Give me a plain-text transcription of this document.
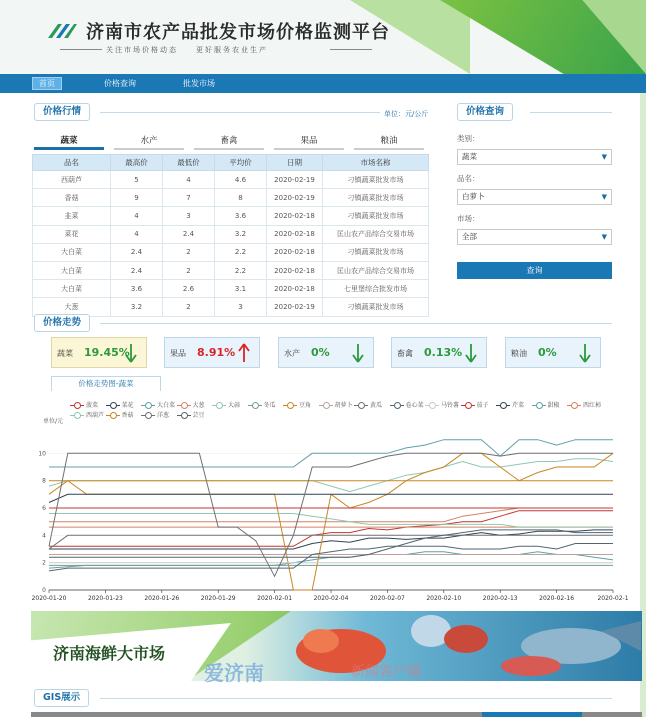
济南市农产品批发市场价格监测平台
关注市场价格动态　　更好服务农业生产
首页	价格查询	批发市场
价格行情	单位：元/公斤
蔬菜	水产	畜禽	果品	粮油
品名	最高价	最低价	平均价	日期	市场名称
西葫芦	5	4	4.6	2020-02-19	刁镇蔬菜批发市场
香菇	9	7	8	2020-02-19	刁镇蔬菜批发市场
韭菜	4	3	3.6	2020-02-18	刁镇蔬菜批发市场
菜花	4	2.4	3.2	2020-02-18	匡山农产品综合交易市场
大白菜	2.4	2	2.2	2020-02-18	刁镇蔬菜批发市场
大白菜	2.4	2	2.2	2020-02-18	匡山农产品综合交易市场
大白菜	3.6	2.6	3.1	2020-02-18	七里堡综合批发市场
大葱	3.2	2	3	2020-02-19	刁镇蔬菜批发市场
价格查询
类别：
蔬菜	▼
品名：
白萝卜	▼
市场：
全部	▼
查询
价格走势
蔬菜 19.45%	果品 8.91%	水产 0%	畜禽 0.13%	粮油 0%
价格走势图-蔬菜
菠菜	菜花	大白菜	大葱	大蒜	冬瓜	豆角	胡萝卜	黄瓜	卷心菜	马铃薯	茄子	芹菜	甜椒	西红柿
西葫芦	香菇	洋葱	芸豆
单位/元
0
2
4
6
8
10
2020-01-20	2020-01-23	2020-01-26	2020-01-29	2020-02-01	2020-02-04	2020-02-07	2020-02-10	2020-02-13	2020-02-16	2020-02-1
济南海鲜大市场
爱济南	新闻客户端
GIS展示
